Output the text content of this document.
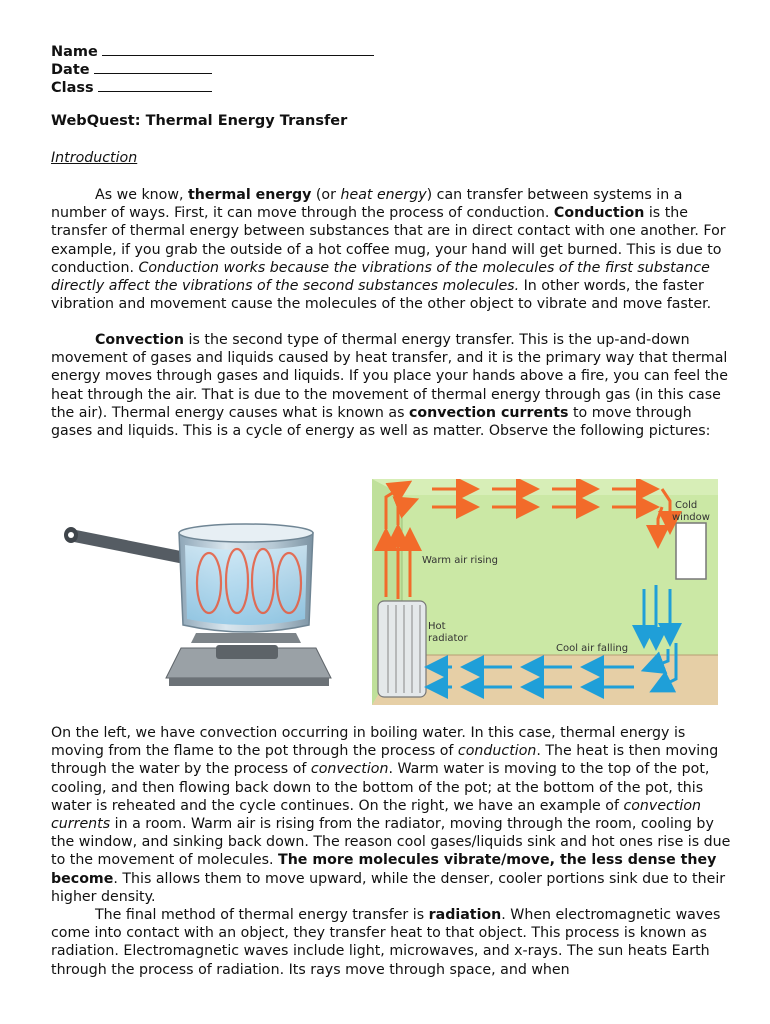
Name
Date
Class
WebQuest: Thermal Energy Transfer
Introduction

As we know, thermal energy (or heat energy) can transfer between systems in a number of ways. First, it can move through the process of conduction. Conduction is the transfer of thermal energy between substances that are in direct contact with one another. For example, if you grab the outside of a hot coffee mug, your hand will get burned. This is due to conduction. Conduction works because the vibrations of the molecules of the first substance directly affect the vibrations of the second substances molecules. In other words, the faster vibration and movement cause the molecules of the other object to vibrate and move faster.

Convection is the second type of thermal energy transfer. This is the up-and-down movement of gases and liquids caused by heat transfer, and it is the primary way that thermal energy moves through gases and liquids. If you place your hands above a fire, you can feel the heat through the air. That is due to the movement of thermal energy through gas (in this case the air). Thermal energy causes what is known as convection currents to move through gases and liquids. This is a cycle of energy as well as matter. Observe the following pictures:

Cold
window
Warm air rising
Hot
radiator
Cool air falling

On the left, we have convection occurring in boiling water. In this case, thermal energy is moving from the flame to the pot through the process of conduction. The heat is then moving through the water by the process of convection. Warm water is moving to the top of the pot, cooling, and then flowing back down to the bottom of the pot; at the bottom of the pot, this water is reheated and the cycle continues. On the right, we have an example of convection currents in a room. Warm air is rising from the radiator, moving through the room, cooling by the window, and sinking back down. The reason cool gases/liquids sink and hot ones rise is due to the movement of molecules. The more molecules vibrate/move, the less dense they become. This allows them to move upward, while the denser, cooler portions sink due to their higher density.

The final method of thermal energy transfer is radiation. When electromagnetic waves come into contact with an object, they transfer heat to that object. This process is known as radiation. Electromagnetic waves include light, microwaves, and x-rays. The sun heats Earth through the process of radiation. Its rays move through space, and when
